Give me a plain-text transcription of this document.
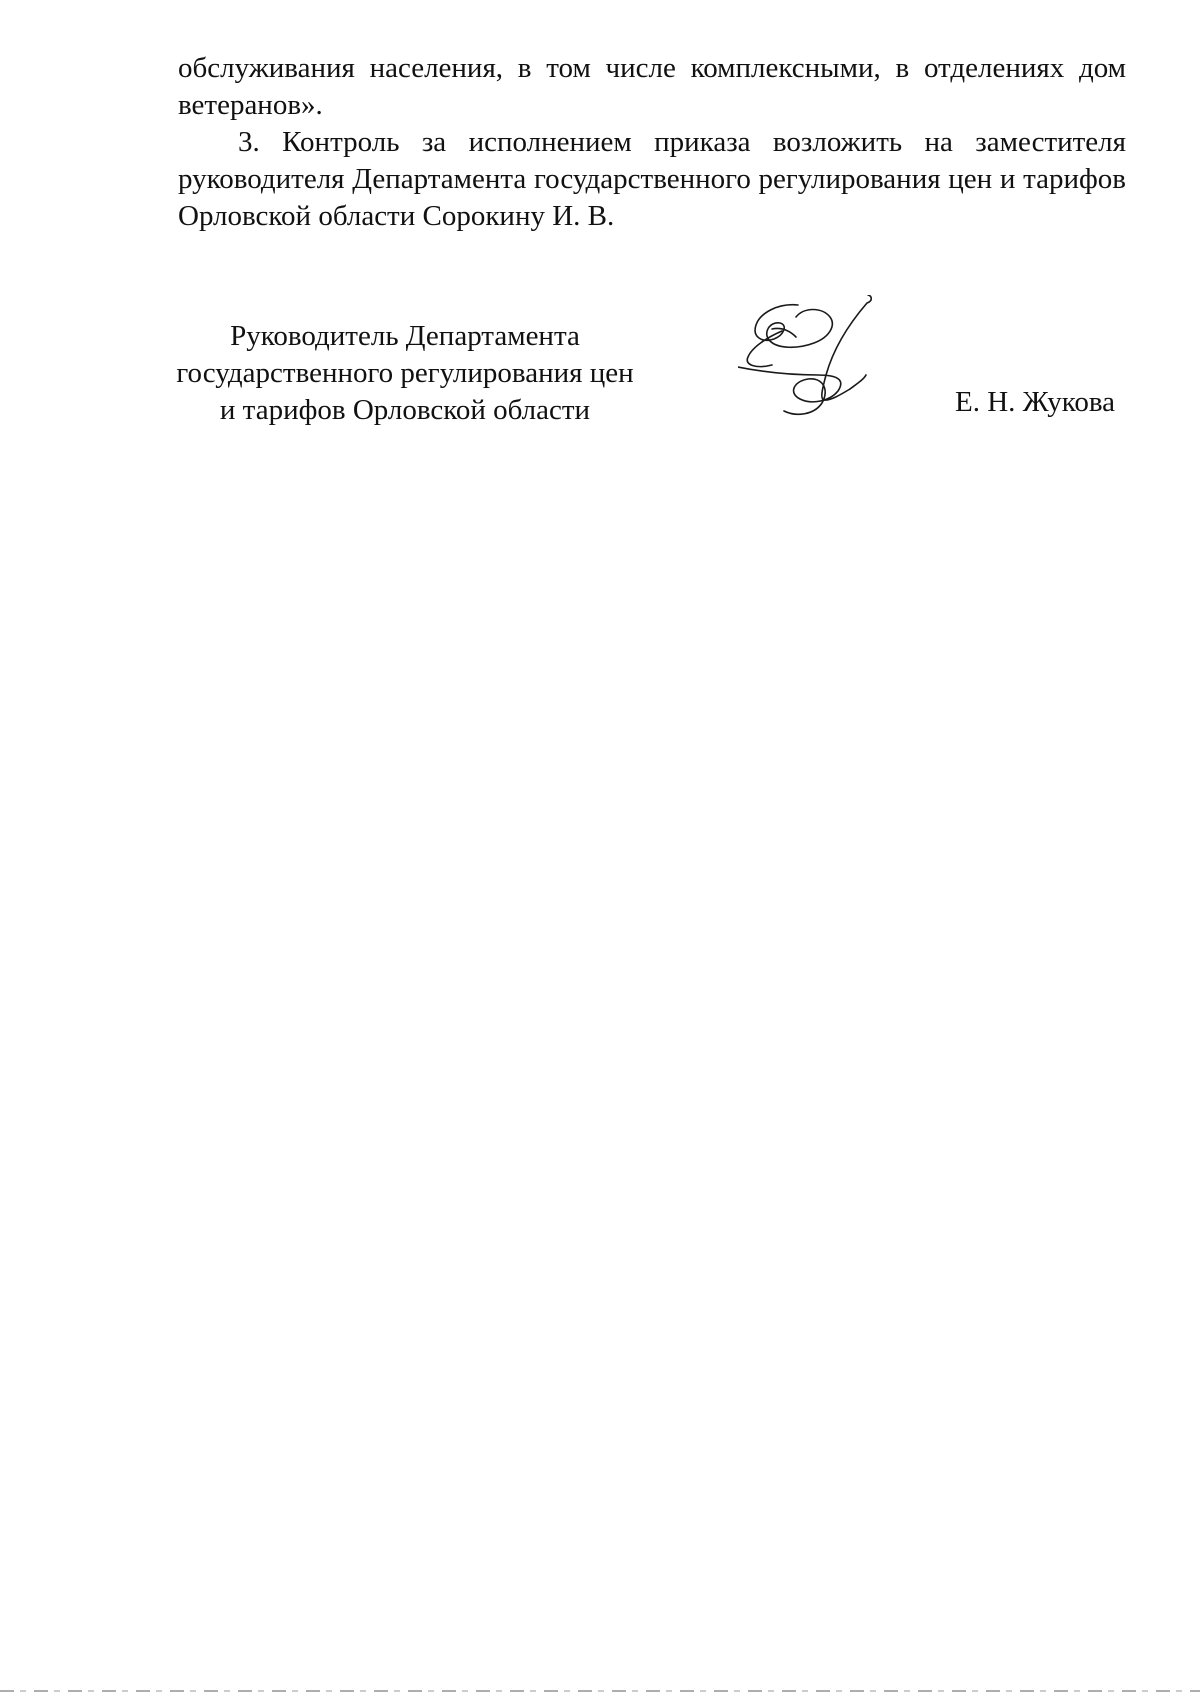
обслуживания населения, в том числе комплексными, в отделениях дом ветеранов».

3. Контроль за исполнением приказа возложить на заместителя руководителя Департамента государственного регулирования цен и тарифов Орловской области Сорокину И. В.

Руководитель Департамента
государственного регулирования цен
и тарифов Орловской области	Е. Н. Жукова
